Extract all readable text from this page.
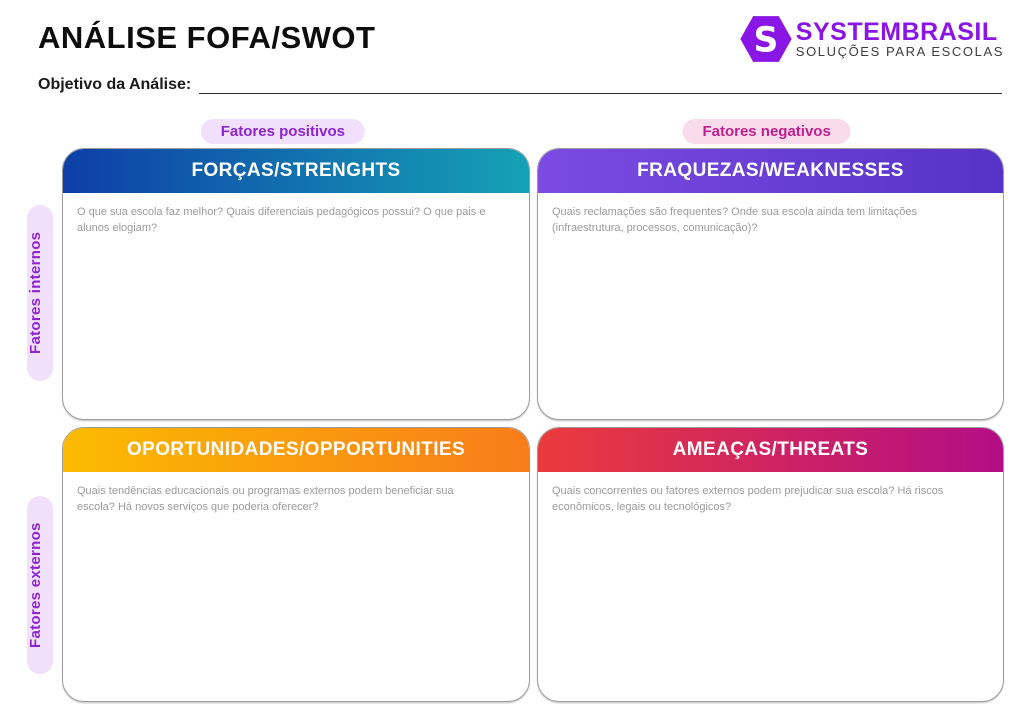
ANÁLISE FOFA/SWOT	S SYSTEMBRASIL
SOLUÇÕES PARA ESCOLAS
Objetivo da Análise:
Fatores positivos	Fatores negativos
Fatores internos
Fatores externos
FORÇAS/STRENGHTS
O que sua escola faz melhor? Quais diferenciais pedagógicos possui? O que pais e alunos elogiam?
FRAQUEZAS/WEAKNESSES
Quais reclamações são frequentes? Onde sua escola ainda tem limitações (infraestrutura, processos, comunicação)?
OPORTUNIDADES/OPPORTUNITIES
Quais tendências educacionais ou programas externos podem beneficiar sua escola? Há novos serviços que poderia oferecer?
AMEAÇAS/THREATS
Quais concorrentes ou fatores externos podem prejudicar sua escola? Há riscos econômicos, legais ou tecnológicos?
